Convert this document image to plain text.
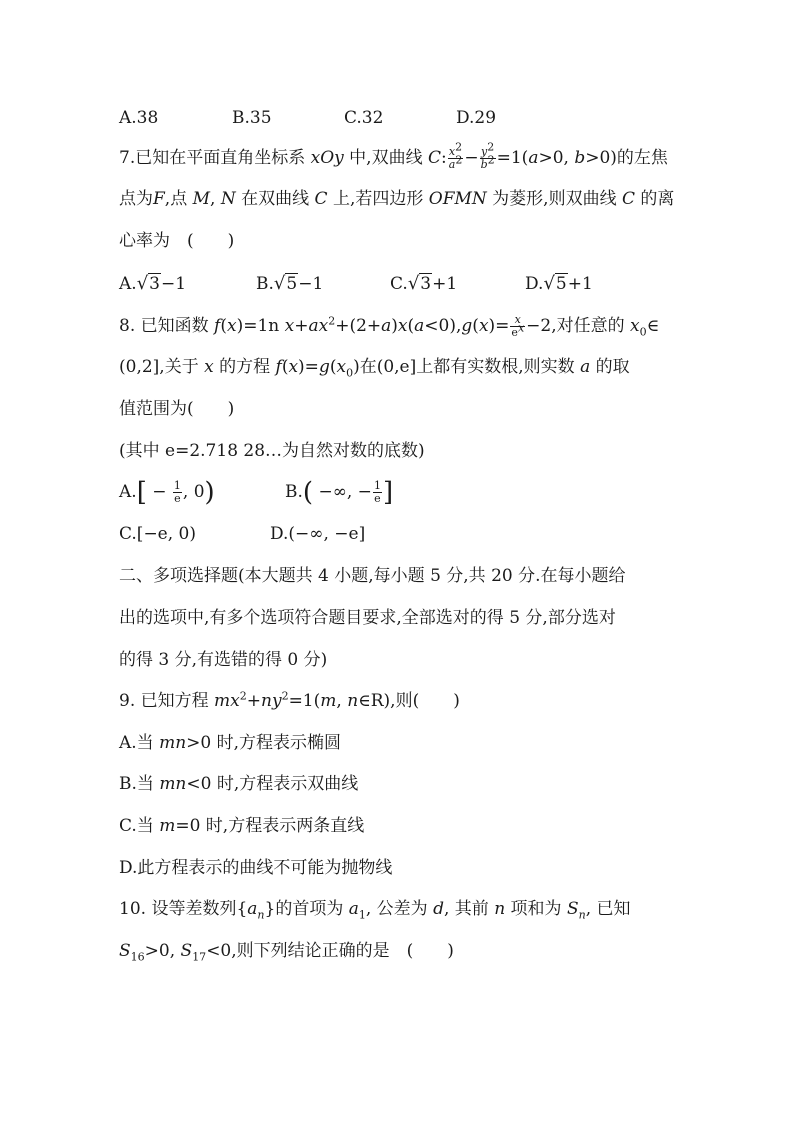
A.38	B.35	C.32	D.29
7.已知在平面直角坐标系 xOy 中,双曲线 C: $\frac{x^2}{a^2} - \frac{y^2}{b^2} =1(a>0$, b>0)的左焦
点为F,点 M, N 在双曲线 C 上,若四边形 OFMN 为菱形,则双曲线 C 的离
心率为　(　　)
A.√3−1	B.√5−1	C.√3+1	D.√5+1
8. 已知函数 f(x)=1n $x+ax^2+(2+a)x(a<0),g(x)= \frac{x}{e^x} -2$,对任意的 $x_0\in$
(0,2],关于 x 的方程 $f(x)=g(x_0)$在(0,e]上都有实数根,则实数 a 的取
值范围为(　　)
(其中 e=2.718 28…为自然对数的底数)
$A.[ - \frac{1}{e}$ , 0)	B.( −∞, − $\frac{1}{e}$ ]
C.[−e, 0)	D.(−∞, −e]
二、多项选择题(本大题共 4 小题,每小题 5 分,共 20 分.在每小题给
出的选项中,有多个选项符合题目要求,全部选对的得 5 分,部分选对
的得 3 分,有选错的得 0 分)
9. 已知方程 $mx^2+ny^2=1(m$, n∈R),则(　　)
A.当 mn>0 时,方程表示椭圆
B.当 mn<0 时,方程表示双曲线
C.当 m=0 时,方程表示两条直线
D.此方程表示的曲线不可能为抛物线
10. 设等差数列$\{a_n\}$的首项为 $a_1$, 公差为 d, 其前 n 项和为 $S_n$, 已知
$S_{16}>0$, $S_{17}<0$,则下列结论正确的是　(　　)
